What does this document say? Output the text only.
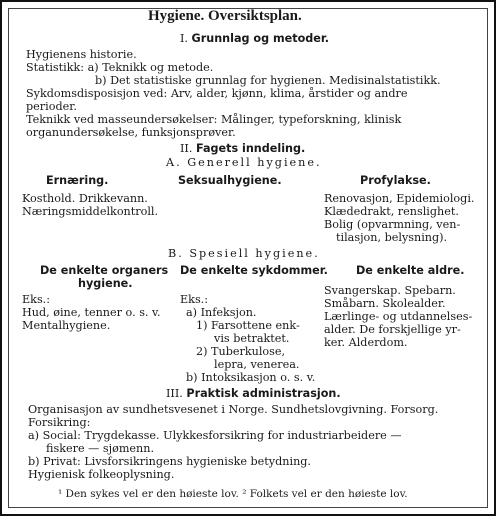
Hygiene. Oversiktsplan.
I. Grunnlag og metoder.
Hygienens historie.
Statistikk: a) Teknikk og metode.
b) Det statistiske grunnlag for hygienen. Medisinalstatistikk.
Sykdomsdisposisjon ved: Arv, alder, kjønn, klima, årstider og andre
perioder.
Teknikk ved masseundersøkelser: Målinger, typeforskning, klinisk
organundersøkelse, funksjonsprøver.
II. Fagets inndeling.
A. Generell hygiene.
Ernæring.
Kosthold. Drikkevann.
Næringsmiddelkontroll.
Seksualhygiene.	Profylakse.
Renovasjon, Epidemiologi.
Klædedrakt, renslighet.
Bolig (opvarmning, ven-
tilasjon, belysning).
B. Spesiell hygiene.
De enkelte organers
hygiene.
Eks.:
Hud, øine, tenner o. s. v.
Mentalhygiene.
De enkelte sykdommer.
Eks.:
a) Infeksjon.
1) Farsottene enk-
vis betraktet.
2) Tuberkulose,
lepra, venerea.
b) Intoksikasjon o. s. v.
De enkelte aldre.
Svangerskap. Spebarn.
Småbarn. Skolealder.
Lærlinge- og utdannelses-
alder. De forskjellige yr-
ker. Alderdom.
III. Praktisk administrasjon.
Organisasjon av sundhetsvesenet i Norge. Sundhetslovgivning. Forsorg.
Forsikring:
a) Social: Trygdekasse. Ulykkesforsikring for industriarbeidere —
fiskere — sjømenn.
b) Privat: Livsforsikringens hygieniske betydning.
Hygienisk folkeoplysning.
¹ Den sykes vel er den høieste lov. ² Folkets vel er den høieste lov.
